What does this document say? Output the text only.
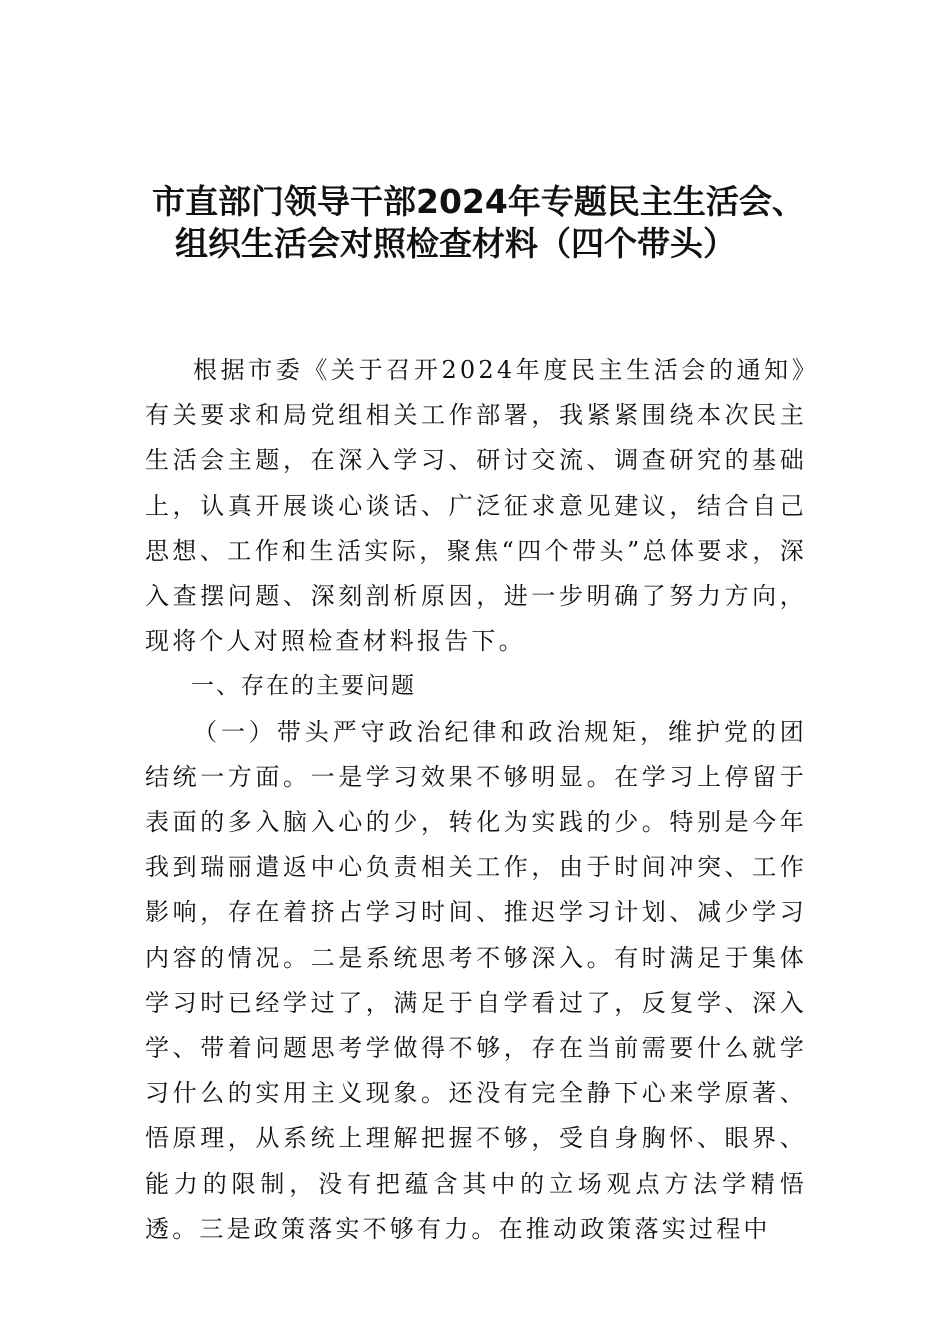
市直部门领导干部2024年专题民主生活会、
组织生活会对照检查材料（四个带头）

根据市委《关于召开2024年度民主生活会的通知》有关要求和局党组相关工作部署，我紧紧围绕本次民主生活会主题，在深入学习、研讨交流、调查研究的基础上，认真开展谈心谈话、广泛征求意见建议，结合自己思想、工作和生活实际，聚焦“四个带头”总体要求，深入查摆问题、深刻剖析原因，进一步明确了努力方向，现将个人对照检查材料报告下。

一、存在的主要问题

（一）带头严守政治纪律和政治规矩，维护党的团结统一方面。一是学习效果不够明显。在学习上停留于表面的多入脑入心的少，转化为实践的少。特别是今年我到瑞丽遣返中心负责相关工作，由于时间冲突、工作影响，存在着挤占学习时间、推迟学习计划、减少学习内容的情况。二是系统思考不够深入。有时满足于集体学习时已经学过了，满足于自学看过了，反复学、深入学、带着问题思考学做得不够，存在当前需要什么就学习什么的实用主义现象。还没有完全静下心来学原著、悟原理，从系统上理解把握不够，受自身胸怀、眼界、能力的限制，没有把蕴含其中的立场观点方法学精悟透。三是政策落实不够有力。在推动政策落实过程中
